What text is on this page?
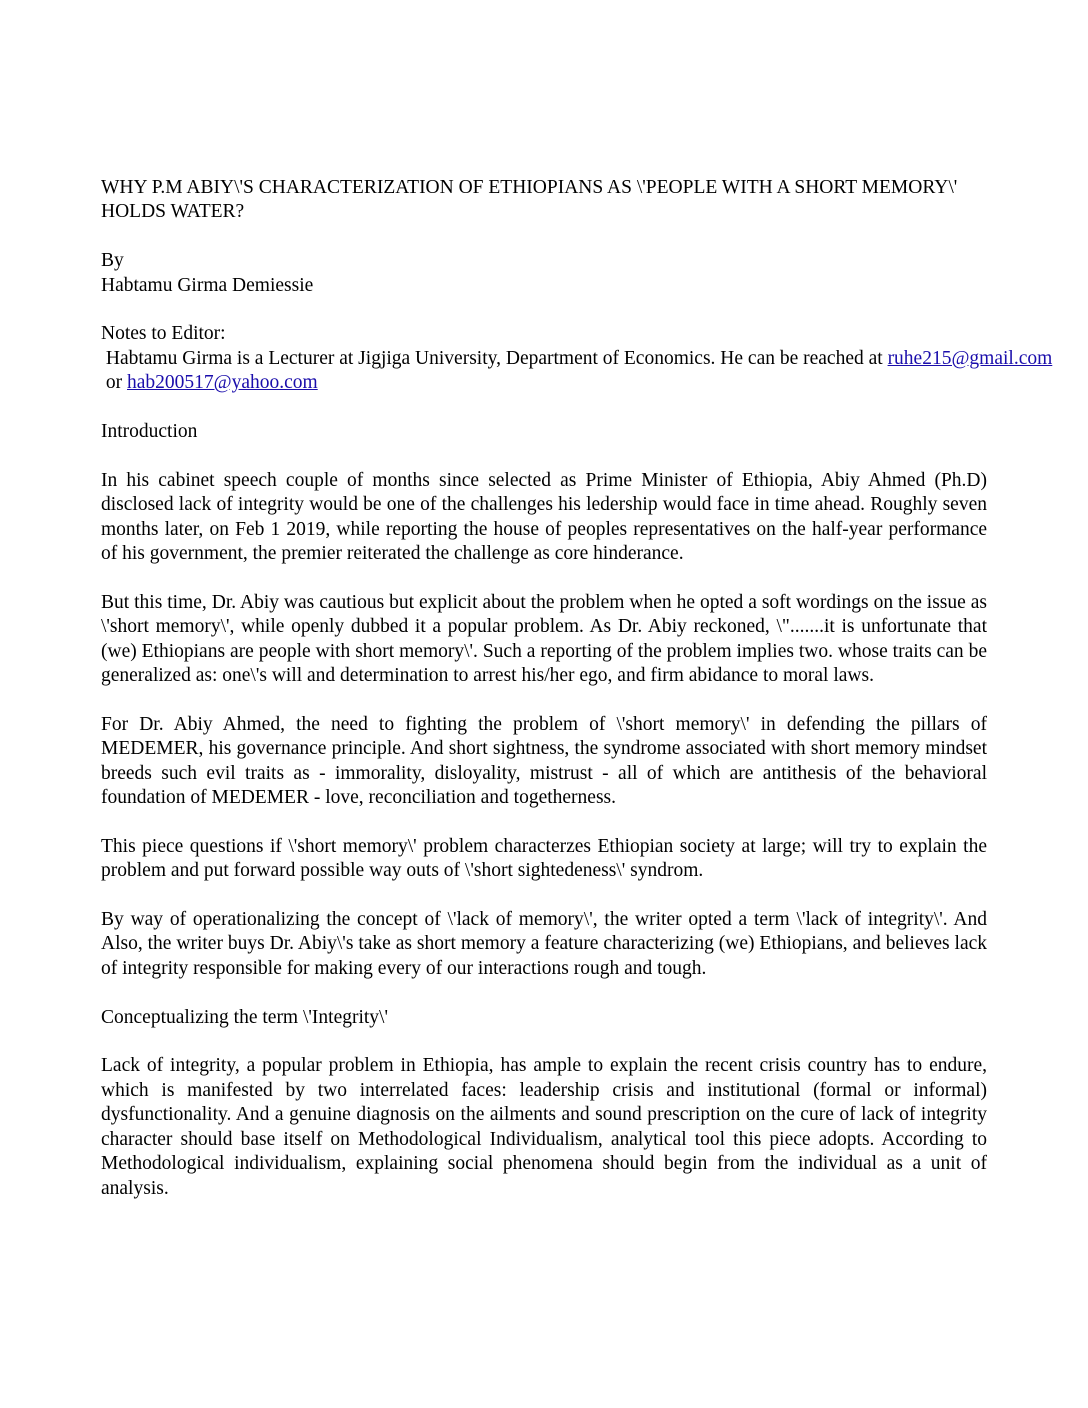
WHY P.M ABIY\'S CHARACTERIZATION OF ETHIOPIANS AS \'PEOPLE WITH A SHORT MEMORY\' HOLDS WATER?

By

Habtamu Girma Demiessie

Notes to Editor:

Habtamu Girma is a Lecturer at Jigjiga University, Department of Economics. He can be reached at ruhe215@gmail.com or hab200517@yahoo.com

Introduction

In his cabinet speech couple of months since selected as Prime Minister of Ethiopia, Abiy Ahmed (Ph.D) disclosed lack of integrity would be one of the challenges his ledership would face in time ahead. Roughly seven months later, on Feb 1 2019, while reporting the house of peoples representatives on the half-year performance of his government, the premier reiterated the challenge as core hinderance.

But this time, Dr. Abiy was cautious but explicit about the problem when he opted a soft wordings on the issue as \'short memory\', while openly dubbed it a popular problem. As Dr. Abiy reckoned, \".......it is unfortunate that (we) Ethiopians are people with short memory\'. Such a reporting of the problem implies two. whose traits can be generalized as: one\'s will and determination to arrest his/her ego, and firm abidance to moral laws.

For Dr. Abiy Ahmed, the need to fighting the problem of \'short memory\' in defending the pillars of MEDEMER, his governance principle. And short sightness, the syndrome associated with short memory mindset breeds such evil traits as - immorality, disloyality, mistrust - all of which are antithesis of the behavioral foundation of MEDEMER - love, reconciliation and togetherness.

This piece questions if \'short memory\' problem characterzes Ethiopian society at large; will try to explain the problem and put forward possible way outs of \'short sightedeness\' syndrom.

By way of operationalizing the concept of \'lack of memory\', the writer opted a term \'lack of integrity\'. And Also, the writer buys Dr. Abiy\'s take as short memory a feature characterizing (we) Ethiopians, and believes lack of integrity responsible for making every of our interactions rough and tough.

Conceptualizing the term \'Integrity\'

Lack of integrity, a popular problem in Ethiopia, has ample to explain the recent crisis country has to endure, which is manifested by two interrelated faces: leadership crisis and institutional (formal or informal) dysfunctionality. And a genuine diagnosis on the ailments and sound prescription on the cure of lack of integrity character should base itself on Methodological Individualism, analytical tool this piece adopts. According to Methodological individualism, explaining social phenomena should begin from the individual as a unit of analysis.
